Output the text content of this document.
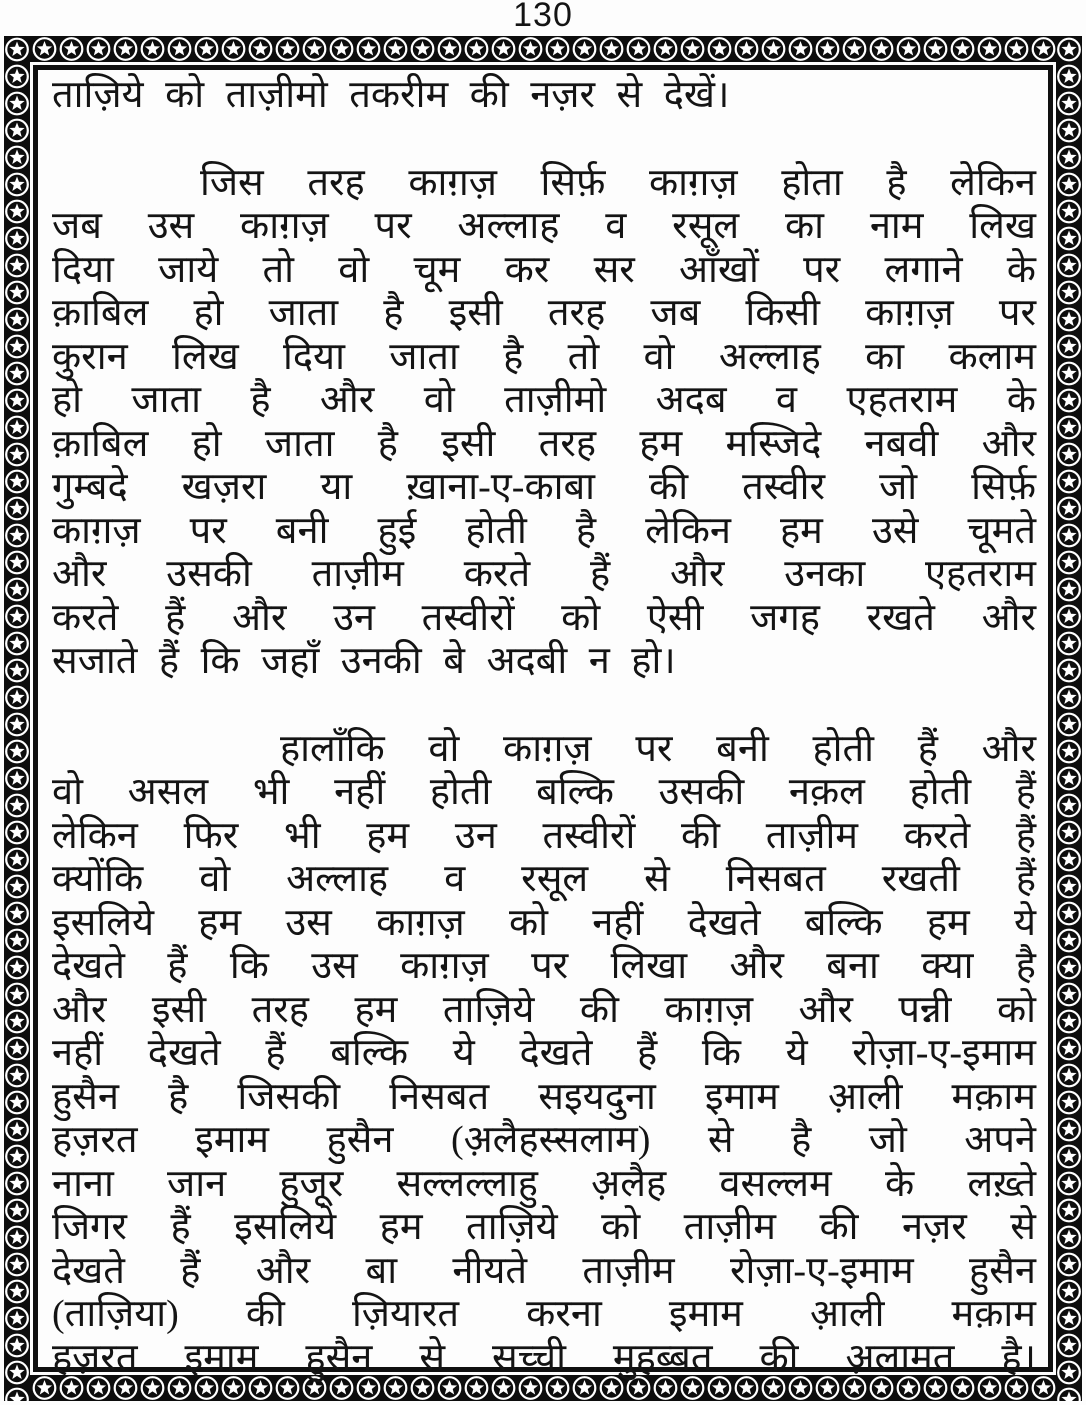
130
ताज़िये को ताज़ीमो तकरीम की नज़र से देखें।
जिस तरह काग़ज़ सिर्फ़ काग़ज़ होता है लेकिन
जब उस काग़ज़ पर अल्लाह व रसूल का नाम लिख
दिया जाये तो वो चूम कर सर आँखों पर लगाने के
क़ाबिल हो जाता है इसी तरह जब किसी काग़ज़ पर
कुरान लिख दिया जाता है तो वो अल्लाह का कलाम
हो जाता है और वो ताज़ीमो अदब व एहतराम के
क़ाबिल हो जाता है इसी तरह हम मस्जिदे नबवी और
गुम्बदे खज़रा या ख़ाना-ए-काबा की तस्वीर जो सिर्फ़
काग़ज़ पर बनी हुई होती है लेकिन हम उसे चूमते
और उसकी ताज़ीम करते हैं और उनका एहतराम
करते हैं और उन तस्वीरों को ऐसी जगह रखते और
सजाते हैं कि जहाँ उनकी बे अदबी न हो।
हालाँकि वो काग़ज़ पर बनी होती हैं और
वो असल भी नहीं होती बल्कि उसकी नक़ल होती हैं
लेकिन फिर भी हम उन तस्वीरों की ताज़ीम करते हैं
क्योंकि वो अल्लाह व रसूल से निसबत रखती हैं
इसलिये हम उस काग़ज़ को नहीं देखते बल्कि हम ये
देखते हैं कि उस काग़ज़ पर लिखा और बना क्या है
और इसी तरह हम ताज़िये की काग़ज़ और पन्नी को
नहीं देखते हैं बल्कि ये देखते हैं कि ये रोज़ा-ए-इमाम
हुसैन है जिसकी निसबत सइयदुना इमाम आ़ली मक़ाम
हज़रत इमाम हुसैन (अ़लैहस्सलाम) से है जो अपने
नाना जान हुजूर सल्लल्लाहु अ़लैह वसल्लम के लख़्ते
जिगर हैं इसलिये हम ताज़िये को ताज़ीम की नज़र से
देखते हैं और बा नीयते ताज़ीम रोज़ा-ए-इमाम हुसैन
(ताज़िया) की ज़ियारत करना इमाम आ़ली मक़ाम
हज़रत इमाम हुसैन से सच्ची मुहब्बत की अ़लामत है।
